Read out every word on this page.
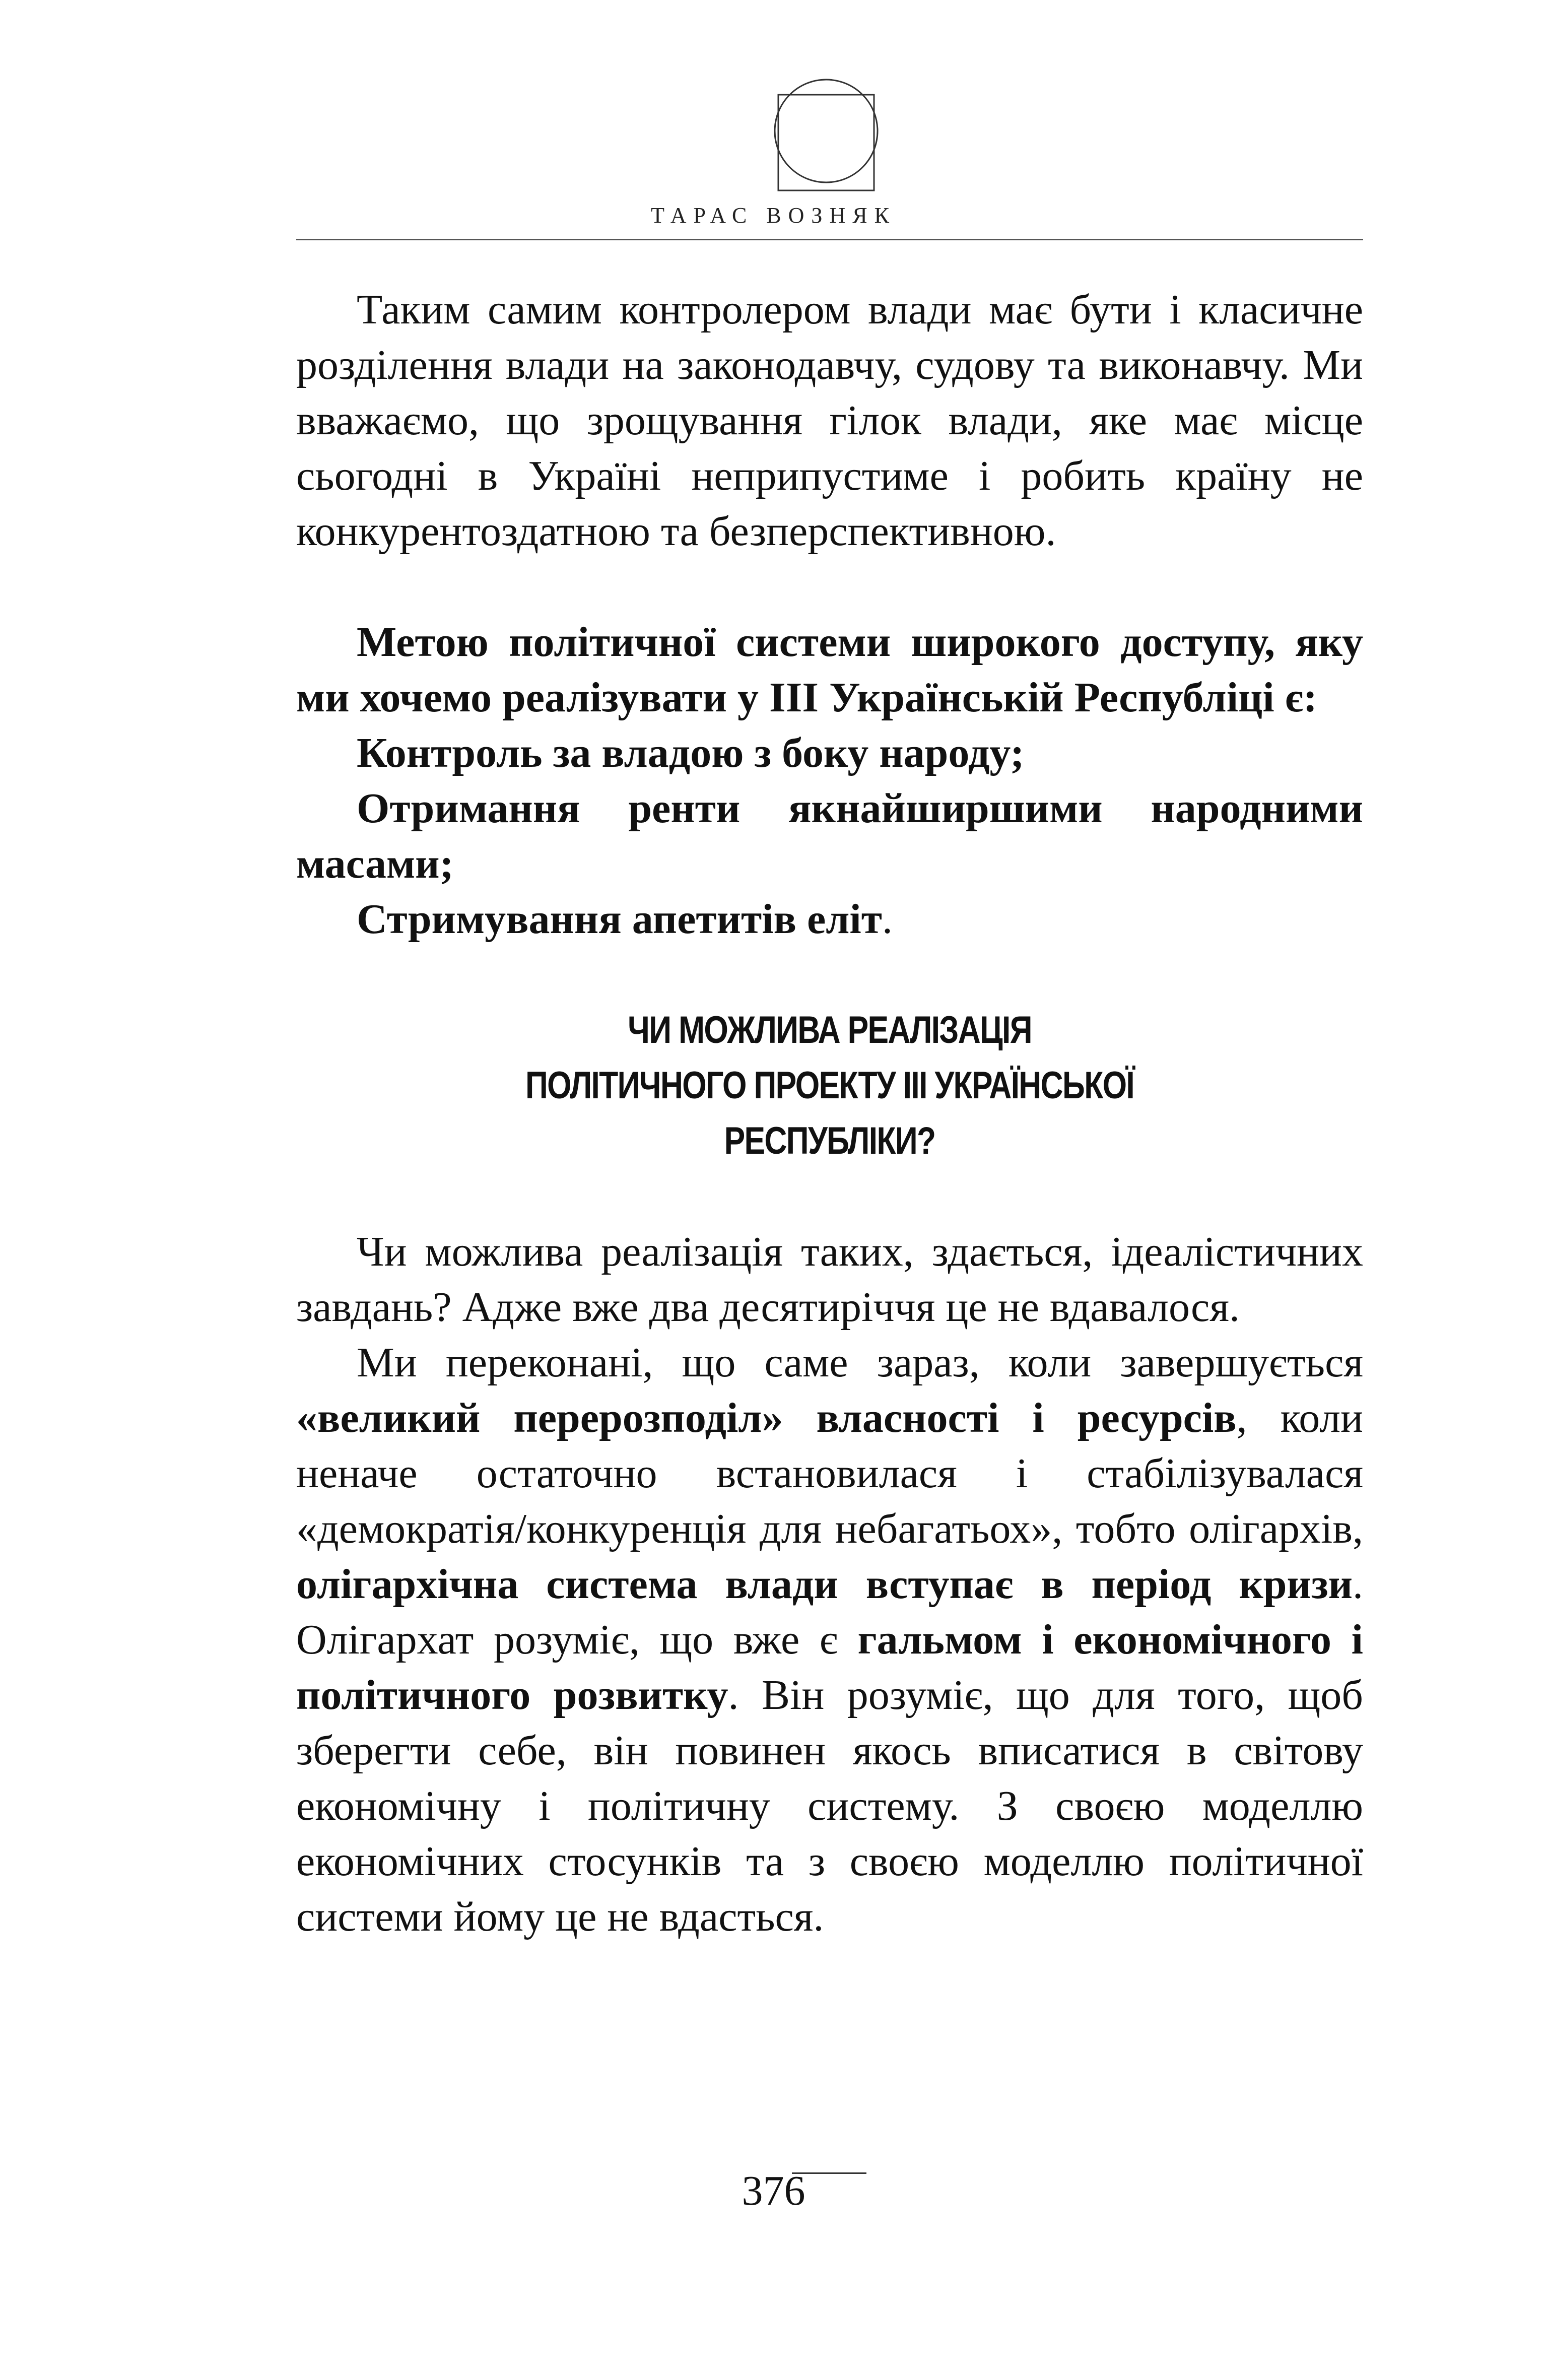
ТАРАС ВОЗНЯК

Таким самим контролером влади має бути і класичне розділення влади на законодавчу, судову та виконавчу. Ми вважаємо, що зрощування гілок влади, яке має місце сьогодні в Україні неприпустиме і робить країну не конкурентоздатною та безперспективною.

Метою політичної системи широкого доступу, яку ми хочемо реалізувати у ІІІ Українській Республіці є:

Контроль за владою з боку народу;

Отримання ренти якнайширшими народними масами;

Стримування апетитів еліт.

ЧИ МОЖЛИВА РЕАЛІЗАЦІЯ

ПОЛІТИЧНОГО ПРОЕКТУ ІІІ УКРАЇНСЬКОЇ

РЕСПУБЛІКИ?

Чи можлива реалізація таких, здається, ідеалістичних завдань? Адже вже два десятиріччя це не вдавалося.

Ми переконані, що саме зараз, коли завершується «великий перерозподіл» власності і ресурсів, коли неначе остаточно встановилася і стабілізувалася «демократія/конкуренція для небагатьох», тобто олігархів, олігархічна система влади вступає в період кризи. Олігархат розуміє, що вже є гальмом і економічного і політичного розвитку. Він розуміє, що для того, щоб зберегти себе, він повинен якось вписатися в світову економічну і політичну систему. З своєю моделлю економічних стосунків та з своєю моделлю політичної системи йому це не вдасться.

376
